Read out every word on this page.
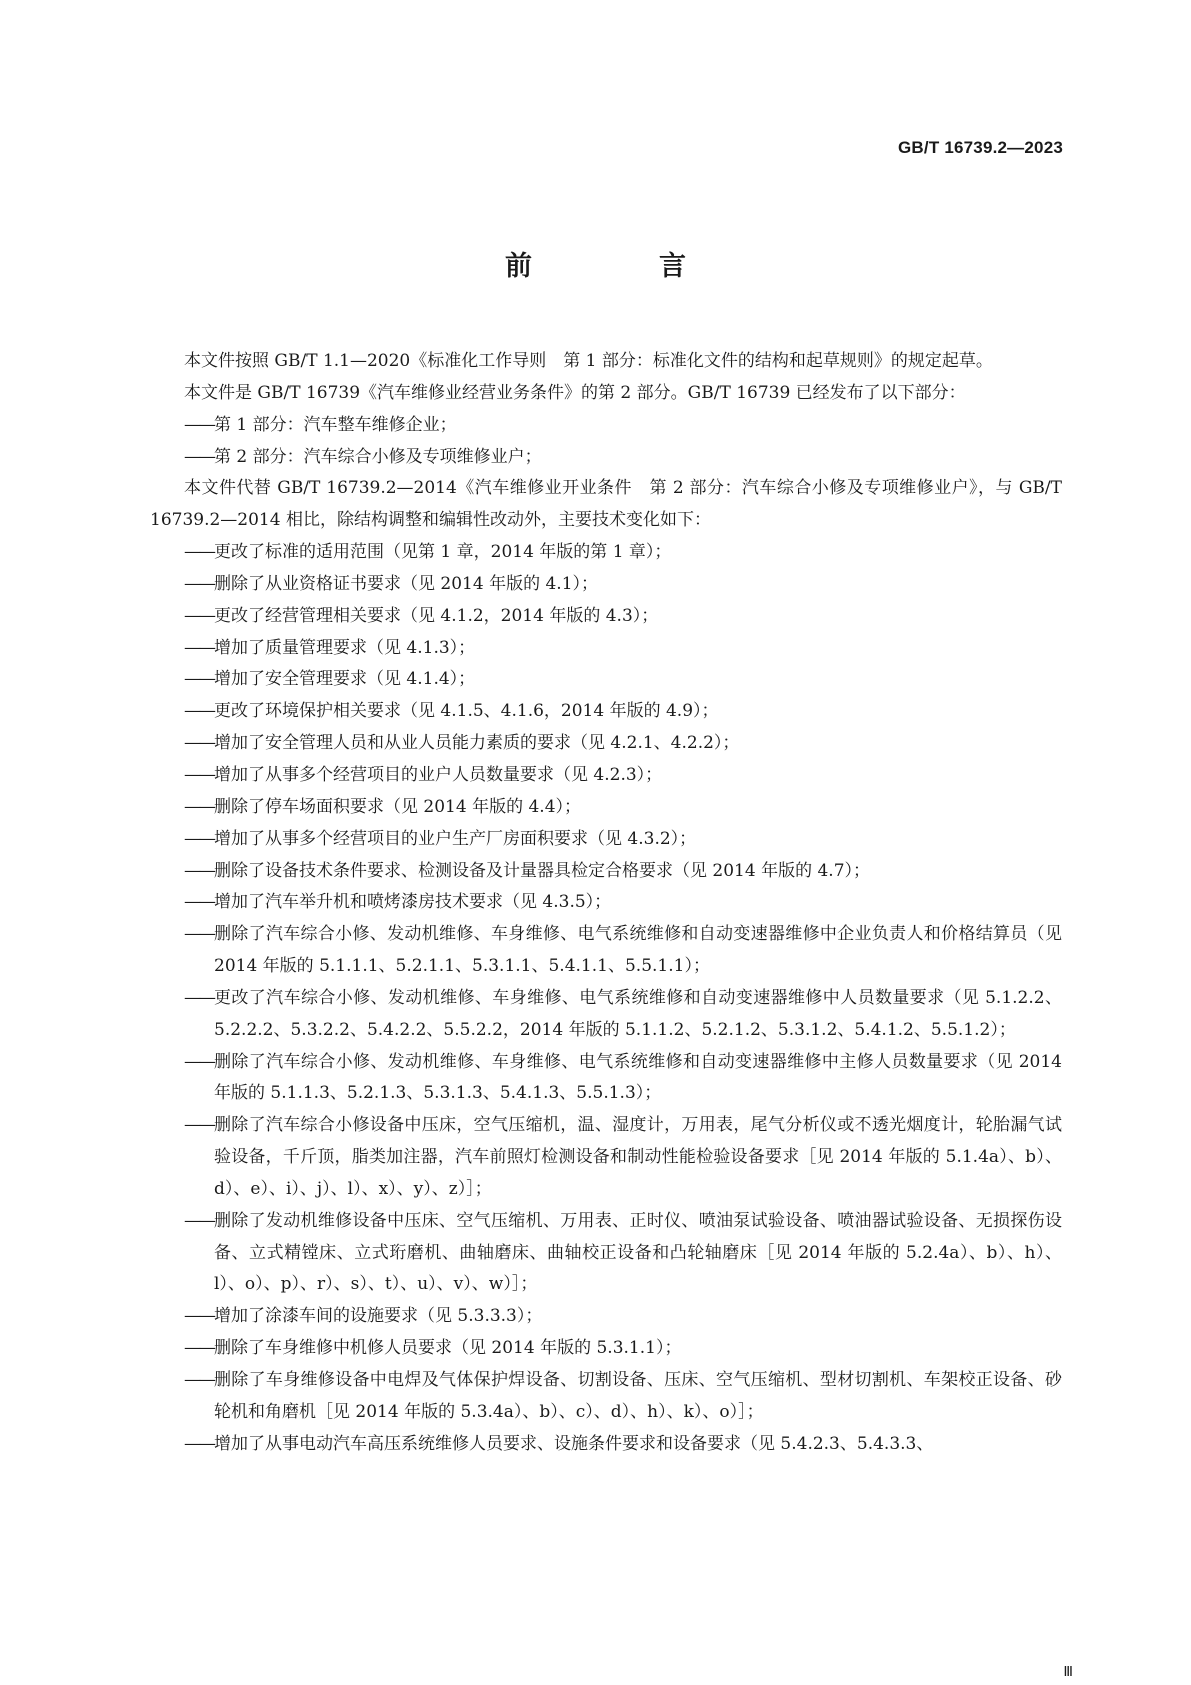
GB/T 16739.2—2023
前　言

本文件按照 GB/T 1.1—2020《标准化工作导则　第 1 部分：标准化文件的结构和起草规则》的规定起草。

本文件是 GB/T 16739《汽车维修业经营业务条件》的第 2 部分。GB/T 16739 已经发布了以下部分：

—— 第 1 部分：汽车整车维修企业；

—— 第 2 部分：汽车综合小修及专项维修业户；

本文件代替 GB/T 16739.2—2014《汽车维修业开业条件　第 2 部分：汽车综合小修及专项维修业户》，与 GB/T 16739.2—2014 相比，除结构调整和编辑性改动外，主要技术变化如下：

—— 更改了标准的适用范围（见第 1 章，2014 年版的第 1 章）；

—— 删除了从业资格证书要求（见 2014 年版的 4.1）；

—— 更改了经营管理相关要求（见 4.1.2，2014 年版的 4.3）；

—— 增加了质量管理要求（见 4.1.3）；

—— 增加了安全管理要求（见 4.1.4）；

—— 更改了环境保护相关要求（见 4.1.5、4.1.6，2014 年版的 4.9）；

—— 增加了安全管理人员和从业人员能力素质的要求（见 4.2.1、4.2.2）；

—— 增加了从事多个经营项目的业户人员数量要求（见 4.2.3）；

—— 删除了停车场面积要求（见 2014 年版的 4.4）；

—— 增加了从事多个经营项目的业户生产厂房面积要求（见 4.3.2）；

—— 删除了设备技术条件要求、检测设备及计量器具检定合格要求（见 2014 年版的 4.7）；

—— 增加了汽车举升机和喷烤漆房技术要求（见 4.3.5）；

—— 删除了汽车综合小修、发动机维修、车身维修、电气系统维修和自动变速器维修中企业负责人和价格结算员（见 2014 年版的 5.1.1.1、5.2.1.1、5.3.1.1、5.4.1.1、5.5.1.1）；

—— 更改了汽车综合小修、发动机维修、车身维修、电气系统维修和自动变速器维修中人员数量要求（见 5.1.2.2、5.2.2.2、5.3.2.2、5.4.2.2、5.5.2.2，2014 年版的 5.1.1.2、5.2.1.2、5.3.1.2、5.4.1.2、5.5.1.2）；

—— 删除了汽车综合小修、发动机维修、车身维修、电气系统维修和自动变速器维修中主修人员数量要求（见 2014 年版的 5.1.1.3、5.2.1.3、5.3.1.3、5.4.1.3、5.5.1.3）；

—— 删除了汽车综合小修设备中压床，空气压缩机，温、湿度计，万用表，尾气分析仪或不透光烟度计，轮胎漏气试验设备，千斤顶，脂类加注器，汽车前照灯检测设备和制动性能检验设备要求［见 2014 年版的 5.1.4a）、b）、d）、e）、i）、j）、l）、x）、y）、z）］；

—— 删除了发动机维修设备中压床、空气压缩机、万用表、正时仪、喷油泵试验设备、喷油器试验设备、无损探伤设备、立式精镗床、立式珩磨机、曲轴磨床、曲轴校正设备和凸轮轴磨床［见 2014 年版的 5.2.4a）、b）、h）、l）、o）、p）、r）、s）、t）、u）、v）、w）］；

—— 增加了涂漆车间的设施要求（见 5.3.3.3）；

—— 删除了车身维修中机修人员要求（见 2014 年版的 5.3.1.1）；

—— 删除了车身维修设备中电焊及气体保护焊设备、切割设备、压床、空气压缩机、型材切割机、车架校正设备、砂轮机和角磨机［见 2014 年版的 5.3.4a）、b）、c）、d）、h）、k）、o）］；

—— 增加了从事电动汽车高压系统维修人员要求、设施条件要求和设备要求（见 5.4.2.3、5.4.3.3、

Ⅲ
